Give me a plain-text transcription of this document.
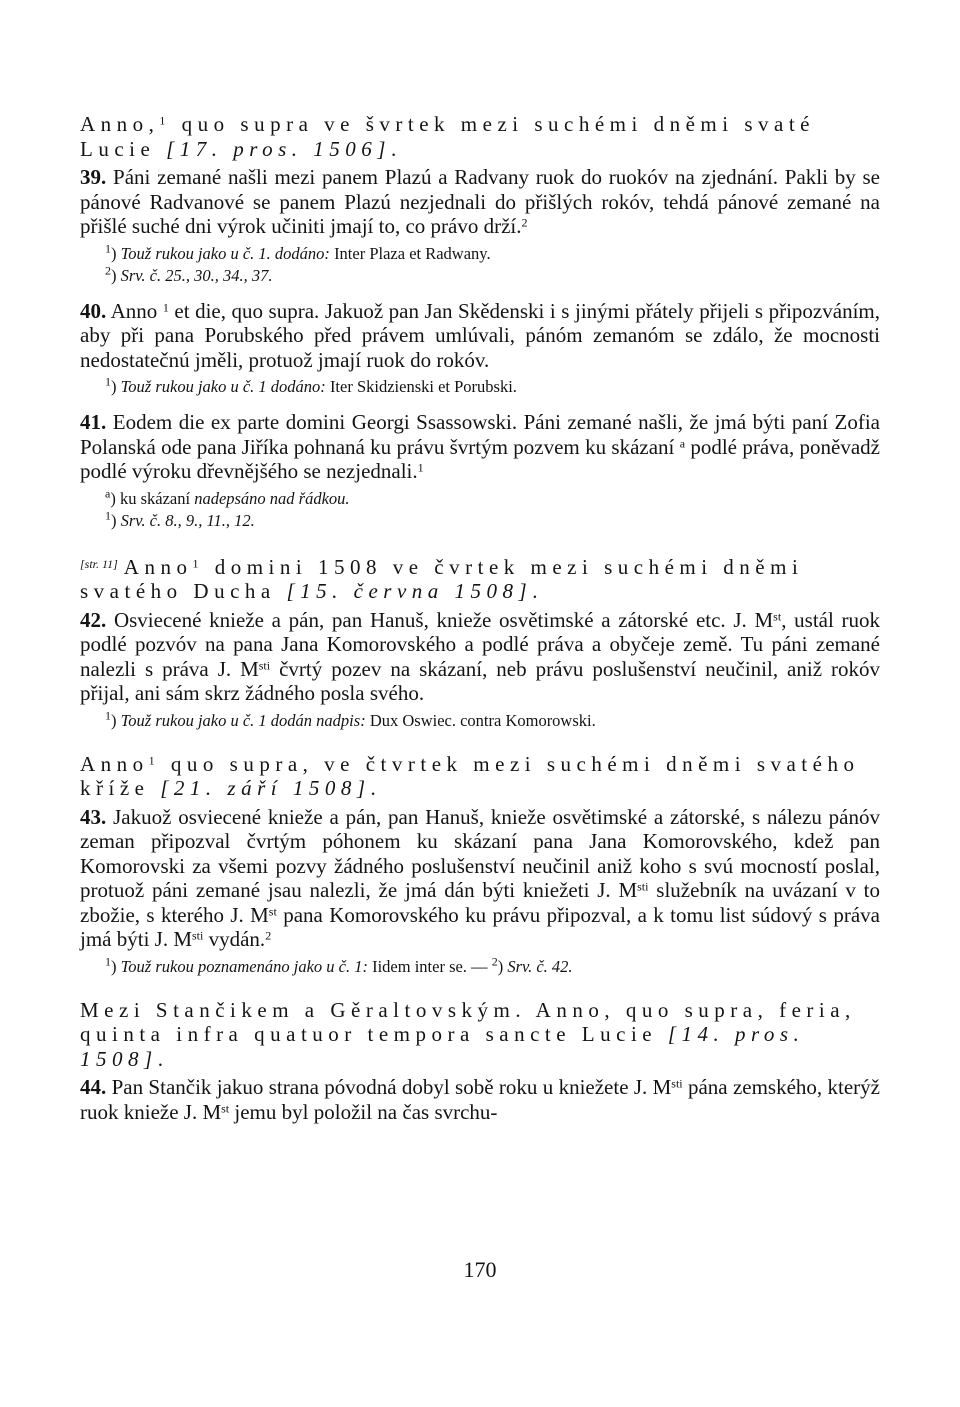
Anno,$^1$ quo supra ve švrtek mezi suchémi dněmi svaté Lucie [17. pros. 1506].

39. Páni zemané našli mezi panem Plazú a Radvany ruok do ruokóv na zjednání. Pakli by se pánové Radvanové se panem Plazú nezjednali do přišlých rokóv, tehdá pánové zemané na přišlé suché dni výrok učiniti jmají to, co právo drží.$^2$

$^1$) Touž rukou jako u č. 1. dodáno: Inter Plaza et Radwany.

$^2$) Srv. č. 25., 30., 34., 37.

40. Anno $^1$ et die, quo supra. Jakuož pan Jan Skědenski i s jinými přátely přijeli s připozváním, aby při pana Porubského před právem umlúvali, pánóm zemanóm se zdálo, že mocnosti nedostatečnú jměli, protuož jmají ruok do rokóv.

$^1$) Touž rukou jako u č. 1 dodáno: Iter Skidzienski et Porubski.

41. Eodem die ex parte domini Georgi Ssassowski. Páni zemané našli, že jmá býti paní Zofia Polanská ode pana Jiříka pohnaná ku právu švrtým pozvem ku skázaní $^a$ podlé práva, poněvadž podlé výroku dřevnějšého se nezjednali.$^1$

$^a$) ku skázaní nadepsáno nad řádkou.

$^1$) Srv. č. 8., 9., 11., 12.

[str. 11] Anno$^1$ domini 1508 ve čvrtek mezi suchémi dněmi svatého Ducha [15. června 1508].

42. Osviecené knieže a pán, pan Hanuš, knieže osvětimské a zátorské etc. J. Mst, ustál ruok podlé pozvóv na pana Jana Komorovského a podlé práva a obyčeje země. Tu páni zemané nalezli s práva J. $M^{sti}$ čvrtý pozev na skázaní, neb právu poslušenství neučinil, aniž rokóv přijal, ani sám skrz žádného posla svého.

$^1$) Touž rukou jako u č. 1 dodán nadpis: Dux Oswiec. contra Komorowski.

Anno$^1$ quo supra, ve čtvrtek mezi suchémi dněmi svatého kříže [21. září 1508].

43. Jakuož osviecené knieže a pán, pan Hanuš, knieže osvětimské a zátorské, s nálezu pánóv zeman připozval čvrtým póhonem ku skázaní pana Jana Komorovského, kdež pan Komorovski za všemi pozvy žádného poslušenství neučinil aniž koho s svú mocností poslal, protuož páni zemané jsau nalezli, že jmá dán býti kniežeti J. $M^{sti}$ služebník na uvázaní v to zbožie, s kterého J. Mst pana Komorovského ku právu připozval, a k tomu list súdový s práva jmá býti J. $M^{sti}$ vydán.$^2$

$^1$) Touž rukou poznamenáno jako u č. 1: Iidem inter se. — $^2$) Srv. č. 42.

Mezi Stančikem a Gěraltovským. Anno, quo supra, feria, quinta infra quatuor tempora sancte Lucie [14. pros. 1508].

44. Pan Stančik jakuo strana póvodná dobyl sobě roku u kniežete J. $M^{sti}$ pána zemského, kterýž ruok knieže J. Mst jemu byl položil na čas svrchu-

170
